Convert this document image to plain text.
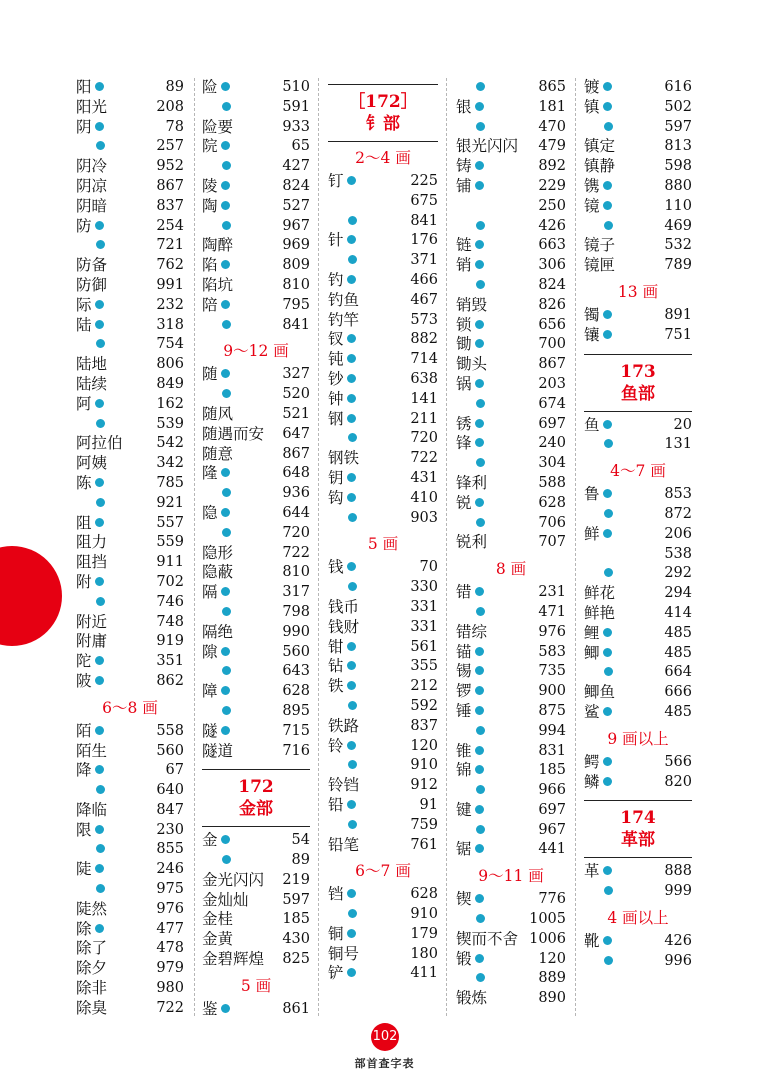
阳	89
阳光	208
阴	78
257
阴冷	952
阴凉	867
阴暗	837
防	254
721
防备	762
防御	991
际	232
陆	318
754
陆地	806
陆续	849
阿	162
539
阿拉伯 542
阿姨	342
陈	785
921
阻	557
阻力	559
阻挡	911
附	702
746
附近	748
附庸	919
陀	351
陂	862
6～8 画
陌	558
陌生	560
降	67
640
降临	847
限	230
855
陡	246
975
陡然	976
除	477
除了	478
除夕	979
除非	980
除臭	722
险	510
591
险要	933
院	65
427
陵	824
陶	527
967
陶醉	969
陷	809
陷坑	810
陪	795
841
9～12 画
随	327
520
随风	521
随遇而安 647
随意	867
隆	648
936
隐	644
720
隐形	722
隐蔽	810
隔	317
798
隔绝	990
隙	560
643
障	628
895
隧	715
隧道	716
172
金部
金	54
89
金光闪闪 219
金灿灿 597
金桂	185
金黄	430
金碧辉煌 825
5 画
鉴	861
［172］
钅部
2～4 画
钉	225
675
841
针	176
371
钓	466
钓鱼	467
钓竿	573
钗	882
钝	714
钞	638
钟	141
钢	211
720
钢铁	722
钥	431
钩	410
903
5 画
钱	70
330
钱币	331
钱财	331
钳	561
钻	355
铁	212
592
铁路	837
铃	120
910
铃铛	912
铅	91
759
铅笔	761
6～7 画
铛	628
910
铜	179
铜号	180
铲	411
865
银	181
470
银光闪闪 479
铸	892
铺	229
250
426
链	663
销	306
824
销毁	826
锁	656
锄	700
锄头	867
锅	203
674
锈	697
锋	240
304
锋利	588
锐	628
706
锐利	707
8 画
错	231
471
错综	976
锚	583
锡	735
锣	900
锤	875
994
锥	831
锦	185
966
键	697
967
锯	441
9～11 画
锲	776
1005
锲而不舍 1006
锻	120
889
锻炼	890
镀	616
镇	502
597
镇定	813
镇静	598
镌	880
镜	110
469
镜子	532
镜匣	789
13 画
镯	891
镶	751
173
鱼部
鱼	20
131
4～7 画
鲁	853
872
鲜	206
538
292
鲜花	294
鲜艳	414
鲤	485
鲫	485
664
鲫鱼	666
鲨	485
9 画以上
鳄	566
鳞	820
174
革部
革	888
999
4 画以上
靴	426
996
102
部首查字表
